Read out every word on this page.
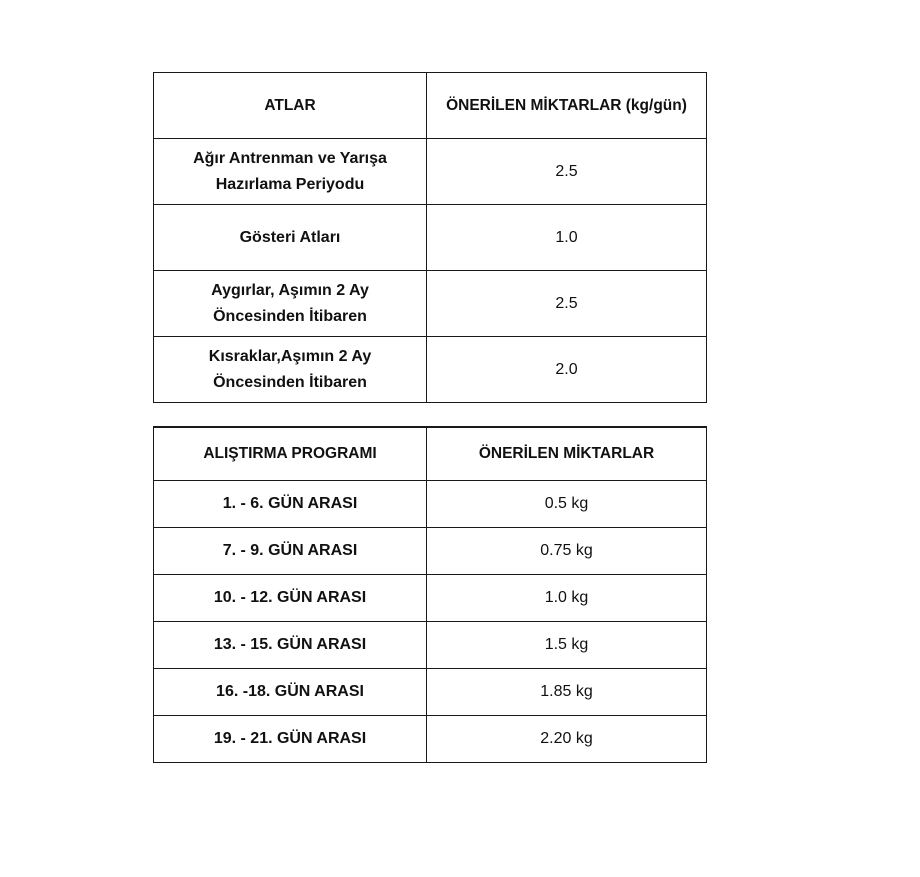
ATLAR	ÖNERİLEN MİKTARLAR (kg/gün)

Ağır Antrenman ve Yarışa
Hazırlama Periyodu	2.5

Gösteri Atları	1.0

Aygırlar, Aşımın 2 Ay
Öncesinden İtibaren	2.5

Kısraklar,Aşımın 2 Ay
Öncesinden İtibaren	2.0

ALIŞTIRMA PROGRAMI	ÖNERİLEN MİKTARLAR
1. - 6. GÜN ARASI	0.5 kg
7. - 9. GÜN ARASI	0.75 kg
10. - 12. GÜN ARASI	1.0 kg
13. - 15. GÜN ARASI	1.5 kg
16. -18. GÜN ARASI	1.85 kg
19. - 21. GÜN ARASI	2.20 kg
